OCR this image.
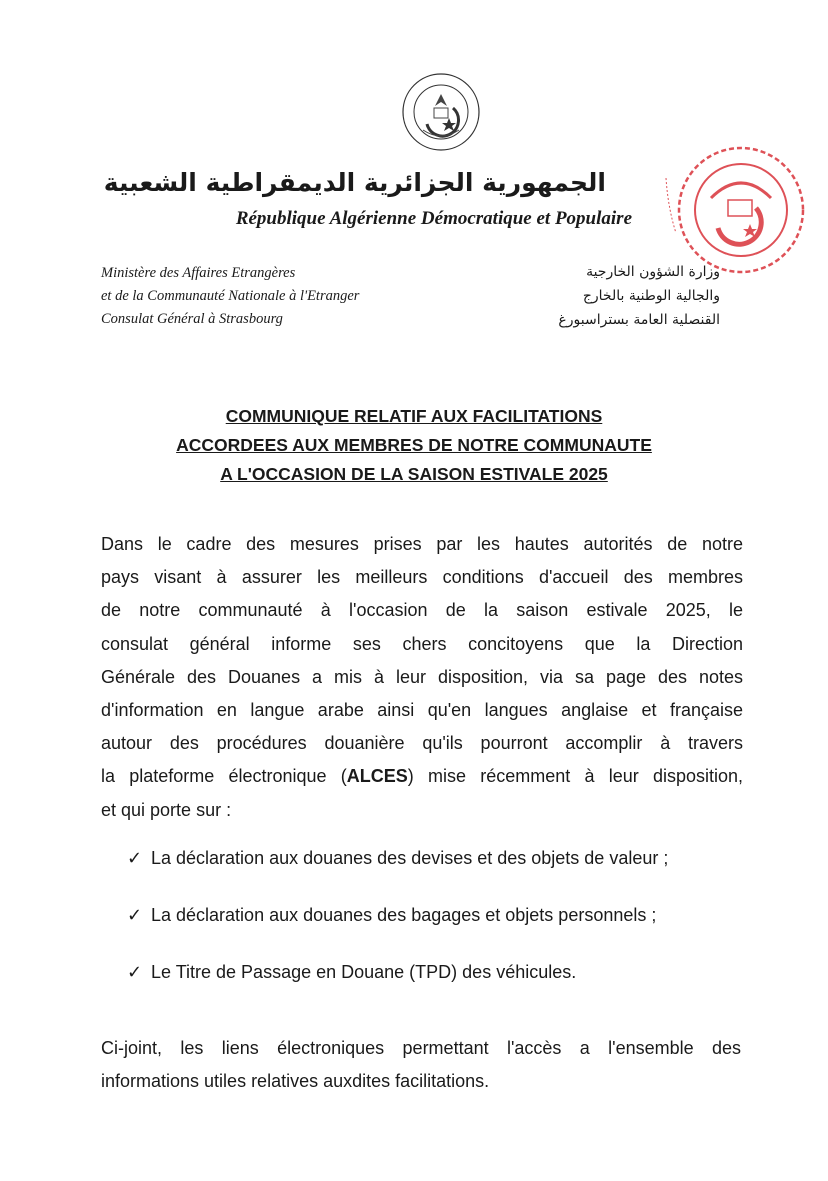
الجمهورية الجزائرية الديمقراطية الشعبية
République Algérienne Démocratique et Populaire
Ministère des Affaires Etrangères
et de la Communauté Nationale à l'Etranger
Consulat Général à Strasbourg
وزارة الشؤون الخارجية
والجالية الوطنية بالخارج
القنصلية العامة بستراسبورغ
COMMUNIQUE RELATIF AUX FACILITATIONS
ACCORDEES AUX MEMBRES DE NOTRE COMMUNAUTE
A L'OCCASION DE LA SAISON ESTIVALE 2025
Dans le cadre des mesures prises par les hautes autorités de notre
pays visant à assurer les meilleurs conditions d'accueil des membres
de notre communauté à l'occasion de la saison estivale 2025, le
consulat général informe ses chers concitoyens que la Direction
Générale des Douanes a mis à leur disposition, via sa page des notes
d'information en langue arabe ainsi qu'en langues anglaise et française
autour des procédures douanière qu'ils pourront accomplir à travers
la plateforme électronique (ALCES) mise récemment à leur disposition,
et qui porte sur :
✓ La déclaration aux douanes des devises et des objets de valeur ;
✓ La déclaration aux douanes des bagages et objets personnels ;
✓ Le Titre de Passage en Douane (TPD) des véhicules.
Ci-joint, les liens électroniques permettant l'accès a l'ensemble des
informations utiles relatives auxdites facilitations.
